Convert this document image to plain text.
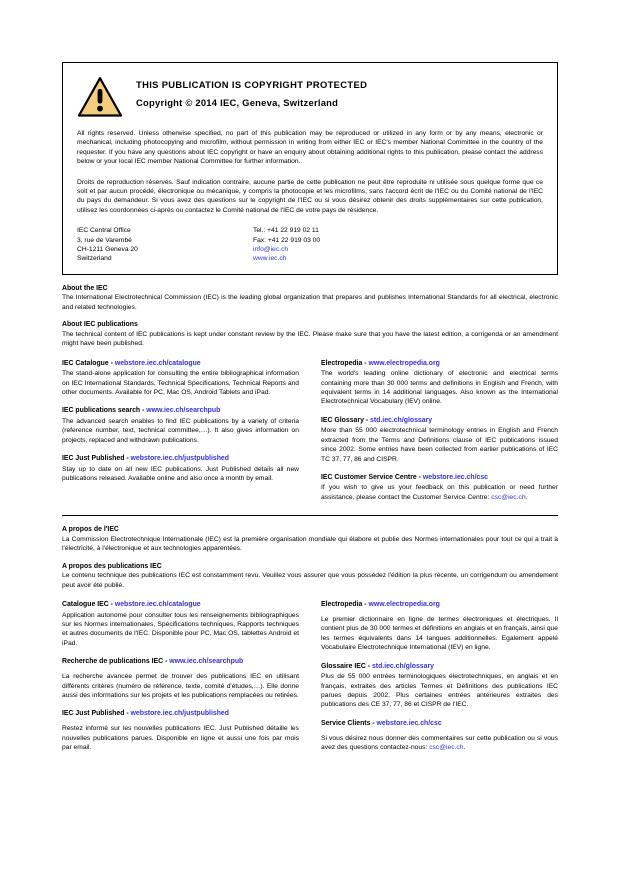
THIS PUBLICATION IS COPYRIGHT PROTECTED

Copyright © 2014 IEC, Geneva, Switzerland

All rights reserved. Unless otherwise specified, no part of this publication may be reproduced or utilized in any form or by any means, electronic or mechanical, including photocopying and microfilm, without permission in writing from either IEC or IEC's member National Committee in the country of the requester. If you have any questions about IEC copyright or have an enquiry about obtaining additional rights to this publication, please contact the address below or your local IEC member National Committee for further information.

Droits de reproduction réservés. Sauf indication contraire, aucune partie de cette publication ne peut être reproduite ni utilisée sous quelque forme que ce soit et par aucun procédé, électronique ou mécanique, y compris la photocopie et les microfilms, sans l'accord écrit de l'IEC ou du Comité national de l'IEC du pays du demandeur. Si vous avez des questions sur le copyright de l'IEC ou si vous désirez obtenir des droits supplémentaires sur cette publication, utilisez les coordonnées ci-après ou contactez le Comité national de l'IEC de votre pays de résidence.

IEC Central Office
3, rue de Varembé
CH-1211 Geneva 20
Switzerland
Tel.: +41 22 919 02 11
Fax: +41 22 919 03 00
info@iec.ch
www.iec.ch

About the IEC

The International Electrotechnical Commission (IEC) is the leading global organization that prepares and publishes International Standards for all electrical, electronic and related technologies.

About IEC publications

The technical content of IEC publications is kept under constant review by the IEC. Please make sure that you have the latest edition, a corrigenda or an amendment might have been published.

IEC Catalogue - webstore.iec.ch/catalogue

The stand-alone application for consulting the entire bibliographical information on IEC International Standards, Technical Specifications, Technical Reports and other documents. Available for PC, Mac OS, Android Tablets and iPad.

IEC publications search - www.iec.ch/searchpub

The advanced search enables to find IEC publications by a variety of criteria (reference number, text, technical committee,…). It also gives information on projects, replaced and withdrawn publications.

IEC Just Published - webstore.iec.ch/justpublished

Stay up to date on all new IEC publications. Just Published details all new publications released. Available online and also once a month by email.

Electropedia - www.electropedia.org

The world's leading online dictionary of electronic and electrical terms containing more than 30 000 terms and definitions in English and French, with equivalent terms in 14 additional languages. Also known as the International Electrotechnical Vocabulary (IEV) online.

IEC Glossary - std.iec.ch/glossary

More than 55 000 electrotechnical terminology entries in English and French extracted from the Terms and Definitions clause of IEC publications issued since 2002. Some entries have been collected from earlier publications of IEC TC 37, 77, 86 and CISPR.

IEC Customer Service Centre - webstore.iec.ch/csc

If you wish to give us your feedback on this publication or need further assistance, please contact the Customer Service Centre: csc@iec.ch.

A propos de l'IEC

La Commission Electrotechnique Internationale (IEC) est la première organisation mondiale qui élabore et publie des Normes internationales pour tout ce qui a trait à l'électricité, à l'électronique et aux technologies apparentées.

A propos des publications IEC

Le contenu technique des publications IEC est constamment revu. Veuillez vous assurer que vous possédez l'édition la plus récente, un corrigendum ou amendement peut avoir été publié.

Catalogue IEC - webstore.iec.ch/catalogue

Application autonome pour consulter tous les renseignements bibliographiques sur les Normes internationales, Spécifications techniques, Rapports techniques et autres documents de l'IEC. Disponible pour PC, Mac OS, tablettes Android et iPad.

Recherche de publications IEC - www.iec.ch/searchpub

La recherche avancée permet de trouver des publications IEC en utilisant différents critères (numéro de référence, texte, comité d'études,…). Elle donne aussi des informations sur les projets et les publications remplacées ou retirées.

IEC Just Published - webstore.iec.ch/justpublished

Restez informé sur les nouvelles publications IEC. Just Published détaille les nouvelles publications parues. Disponible en ligne et aussi une fois par mois par email.

Electropedia - www.electropedia.org

Le premier dictionnaire en ligne de termes électroniques et électriques. Il contient plus de 30 000 termes et définitions en anglais et en français, ainsi que les termes équivalents dans 14 langues additionnelles. Egalement appelé Vocabulaire Electrotechnique International (IEV) en ligne.

Glossaire IEC - std.iec.ch/glossary

Plus de 55 000 entrées terminologiques électrotechniques, en anglais et en français, extraites des articles Termes et Définitions des publications IEC parues depuis 2002. Plus certaines entrées antérieures extraites des publications des CE 37, 77, 86 et CISPR de l'IEC.

Service Clients - webstore.iec.ch/csc

Si vous désirez nous donner des commentaires sur cette publication ou si vous avez des questions contactez-nous: csc@iec.ch.
